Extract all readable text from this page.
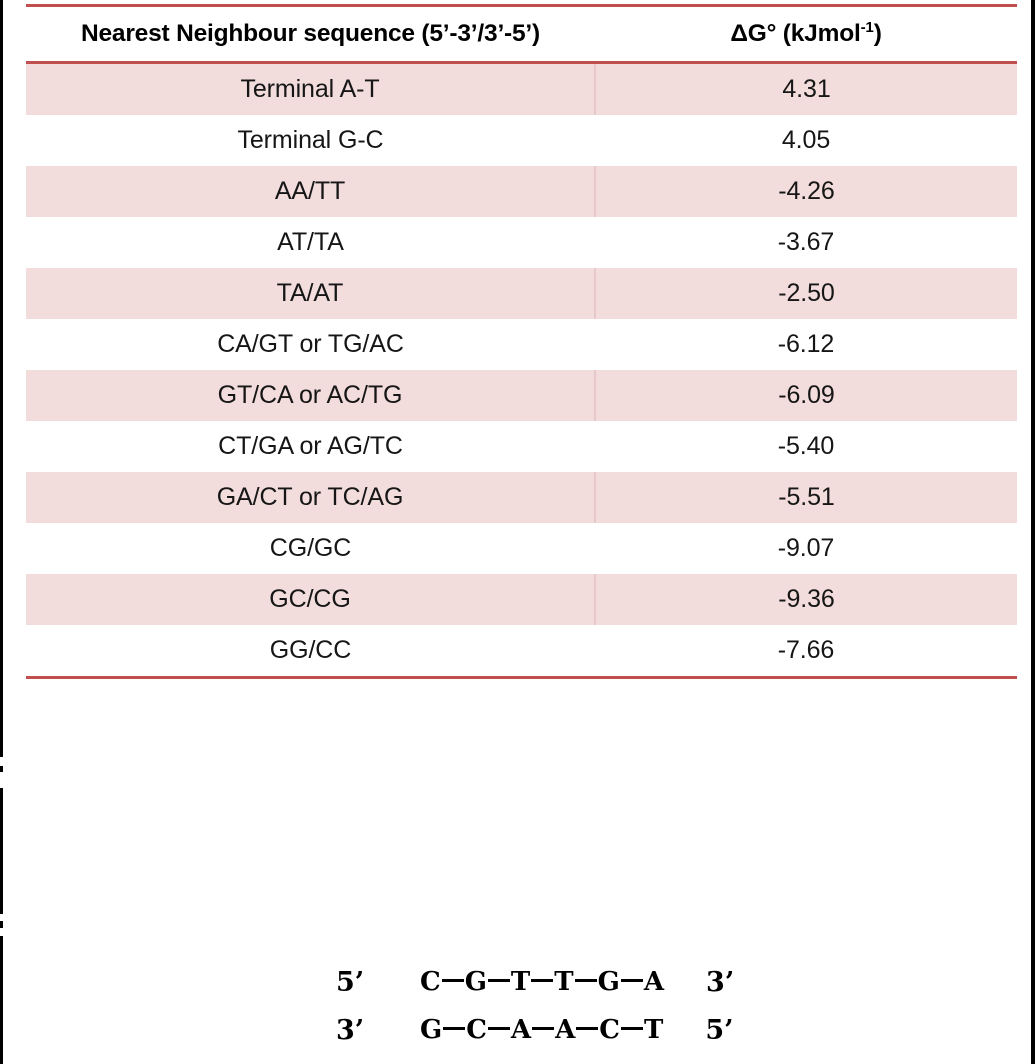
Nearest Neighbour sequence (5’-3’/3’-5’)	ΔG° (kJmol$^{-1}$)
Terminal A-T	4.31
Terminal G-C	4.05
AA/TT	-4.26
AT/TA	-3.67
TA/AT	-2.50
CA/GT or TG/AC	-6.12
GT/CA or AC/TG	-6.09
CT/GA or AG/TC	-5.40
GA/CT or TC/AG	-5.51
CG/GC	-9.07
GC/CG	-9.36
GG/CC	-7.66
5’	C G T T G A 3’
3’	G C A A C T 5’
